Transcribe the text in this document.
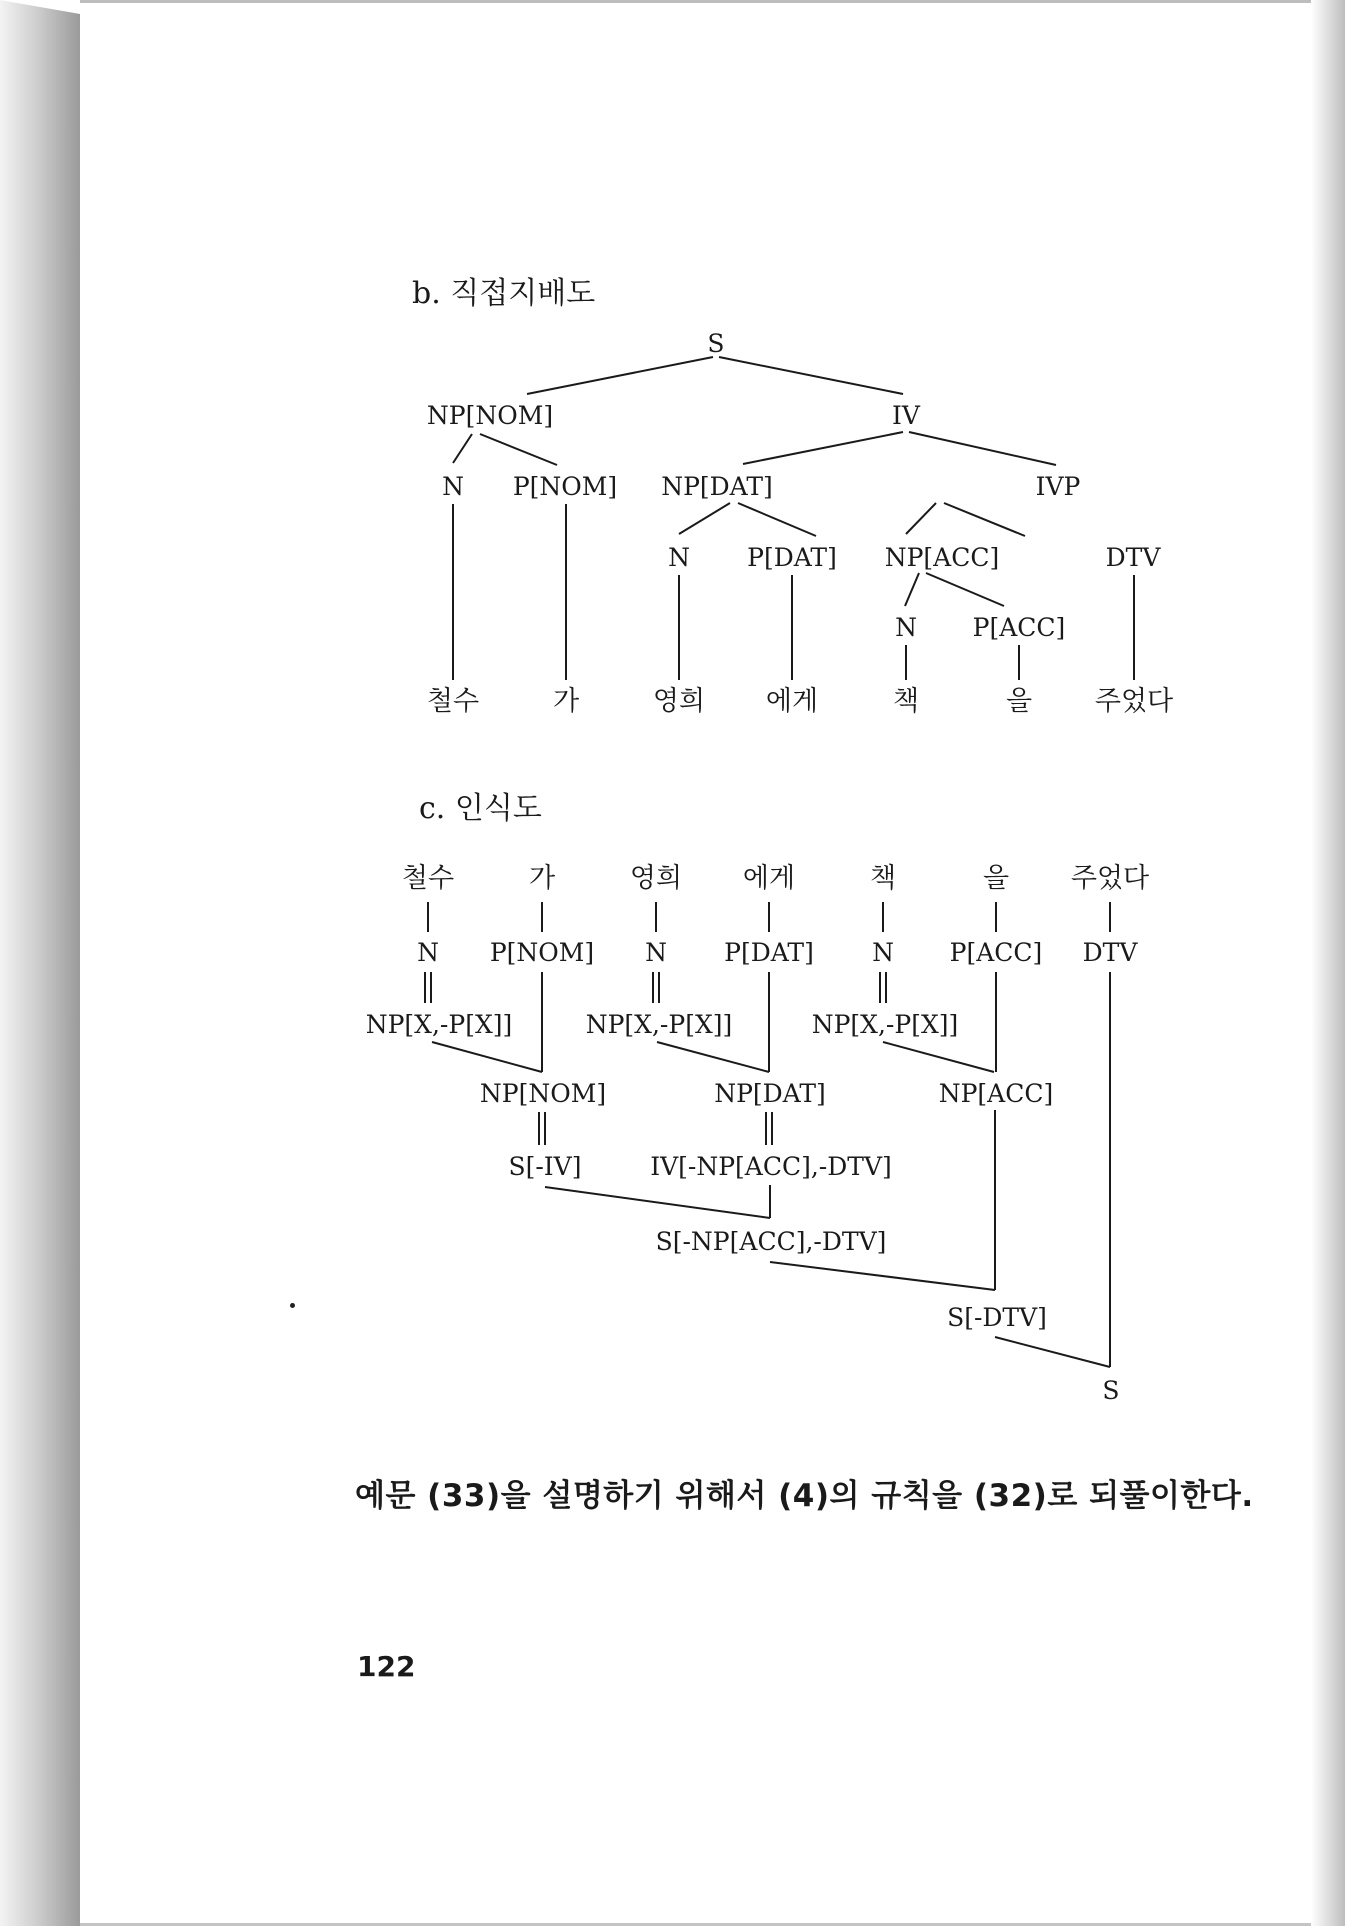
b. 직접지배도
c. 인식도
S
NP[NOM]	IV
N P[NOM] NP[DAT]	IVP
N P[DAT] NP[ACC]	DTV
N P[ACC]
철수	가	영희 에게	책	을 주었다
철수	가	영희 에게	책	을 주었다
N P[NOM] N P[DAT] N P[ACC] DTV
NP[X,-P[X]]	NP[X,-P[X]]	NP[X,-P[X]]
NP[NOM]	NP[DAT]	NP[ACC]
S[-IV]	IV[-NP[ACC],-DTV]
S[-NP[ACC],-DTV]
S[-DTV]
S
예문 (33)을 설명하기 위해서 (4)의 규칙을 (32)로 되풀이한다.
122
